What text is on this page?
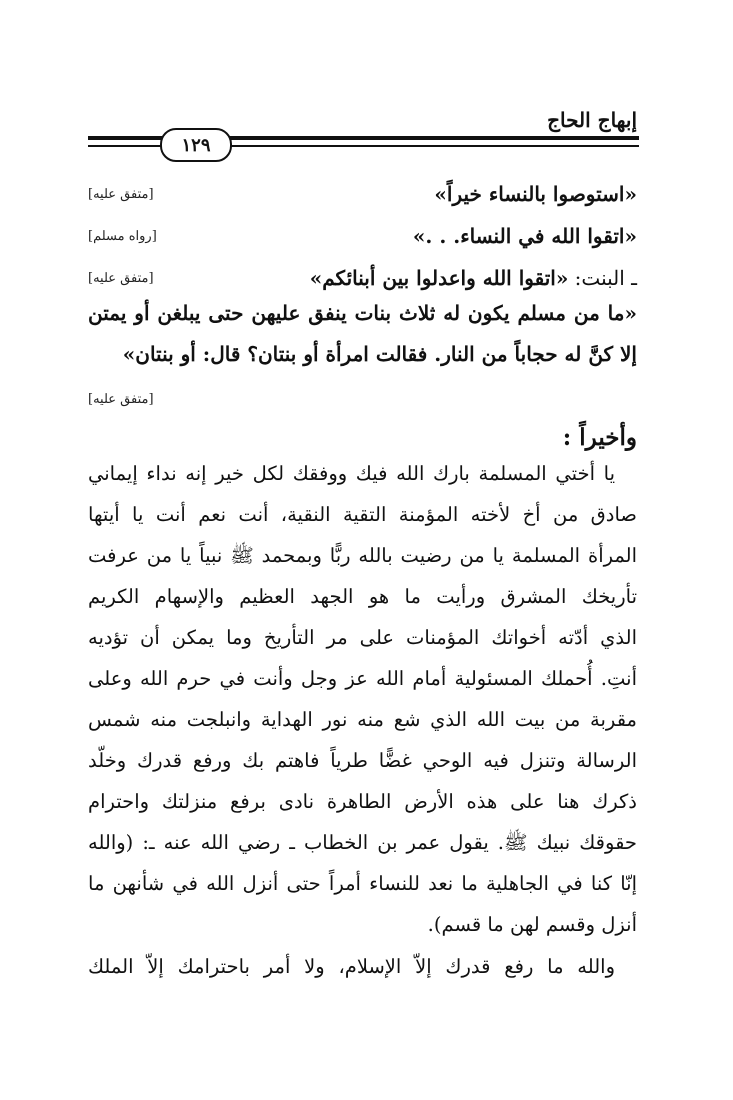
إبهاج الحاج
١٢٩
«استوصوا بالنساء خيراً»
[متفق عليه]
«اتقوا الله في النساء. . .»
[رواه مسلم]
ـ البنت: «اتقوا الله واعدلوا بين أبنائكم»
[متفق عليه]
«ما من مسلم يكون له ثلاث بنات ينفق عليهن حتى يبلغن أو يمتن
إلا كنَّ له حجاباً من النار. فقالت امرأة أو بنتان؟ قال: أو بنتان»
[متفق عليه]
وأخيراً :
يا أختي المسلمة بارك الله فيك ووفقك لكل خير إنه نداء إيماني
صادق من أخ لأخته المؤمنة التقية النقية، أنت نعم أنت يا أيتها
المرأة المسلمة يا من رضيت بالله ربًّا وبمحمد ﷺ نبياً يا من عرفت
تأريخك المشرق ورأيت ما هو الجهد العظيم والإسهام الكريم
الذي أدّته أخواتك المؤمنات على مر التأريخ وما يمكن أن تؤديه
أنتِ. أُحملك المسئولية أمام الله عز وجل وأنت في حرم الله وعلى
مقربة من بيت الله الذي شع منه نور الهداية وانبلجت منه شمس
الرسالة وتنزل فيه الوحي غضًّا طرياً فاهتم بك ورفع قدرك وخلّد
ذكرك هنا على هذه الأرض الطاهرة نادى برفع منزلتك واحترام
حقوقك نبيك ﷺ. يقول عمر بن الخطاب ـ رضي الله عنه ـ: (والله
إنّا كنا في الجاهلية ما نعد للنساء أمراً حتى أنزل الله في شأنهن ما
أنزل وقسم لهن ما قسم).
والله ما رفع قدرك إلاّ الإسلام، ولا أمر باحترامك إلاّ الملك
